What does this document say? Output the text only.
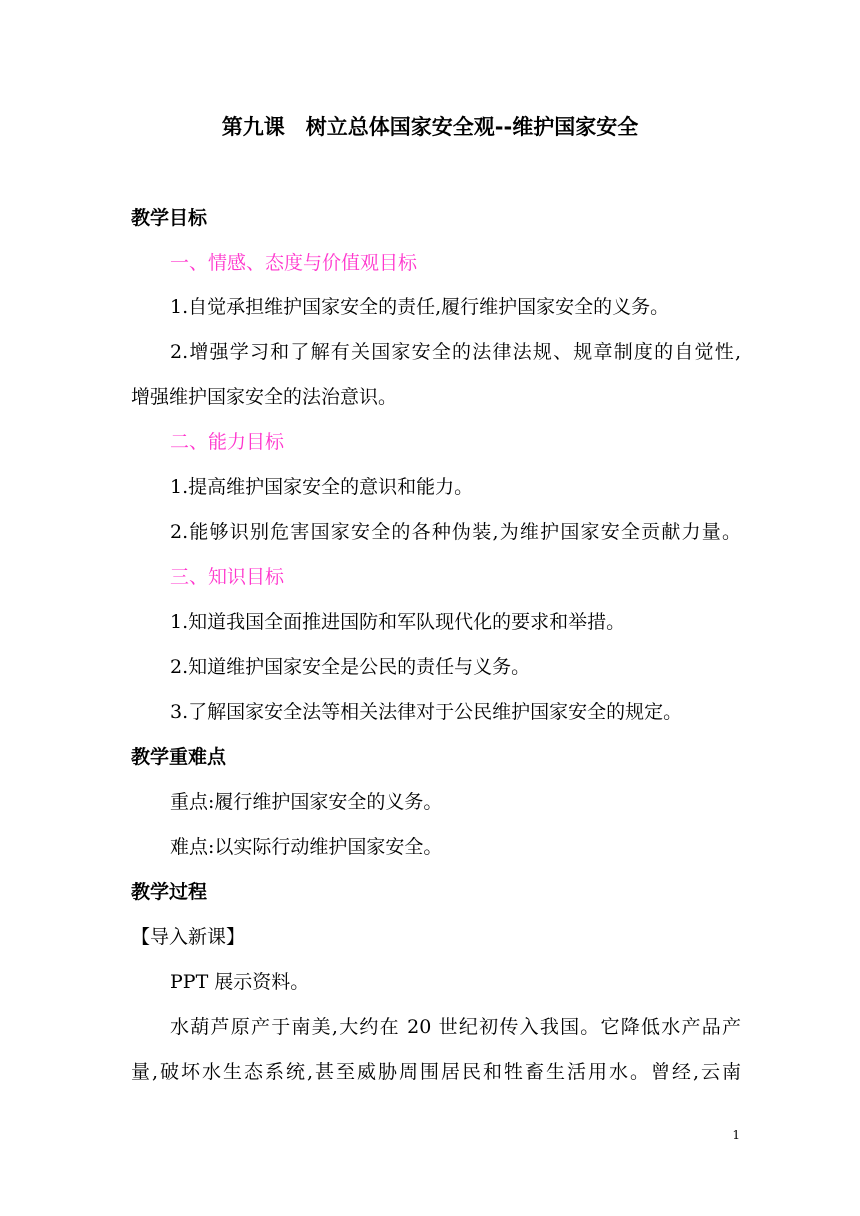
第九课　树立总体国家安全观--维护国家安全
教学目标
一、情感、态度与价值观目标
1.自觉承担维护国家安全的责任,履行维护国家安全的义务。
2.增强学习和了解有关国家安全的法律法规、规章制度的自觉性,
增强维护国家安全的法治意识。
二、能力目标
1.提高维护国家安全的意识和能力。
2.能够识别危害国家安全的各种伪装,为维护国家安全贡献力量。
三、知识目标
1.知道我国全面推进国防和军队现代化的要求和举措。
2.知道维护国家安全是公民的责任与义务。
3.了解国家安全法等相关法律对于公民维护国家安全的规定。
教学重难点
重点:履行维护国家安全的义务。
难点:以实际行动维护国家安全。
教学过程
【导入新课】
PPT 展示资料。
水葫芦原产于南美,大约在 20 世纪初传入我国。它降低水产品产
量,破坏水生态系统,甚至威胁周围居民和牲畜生活用水。曾经,云南
1
